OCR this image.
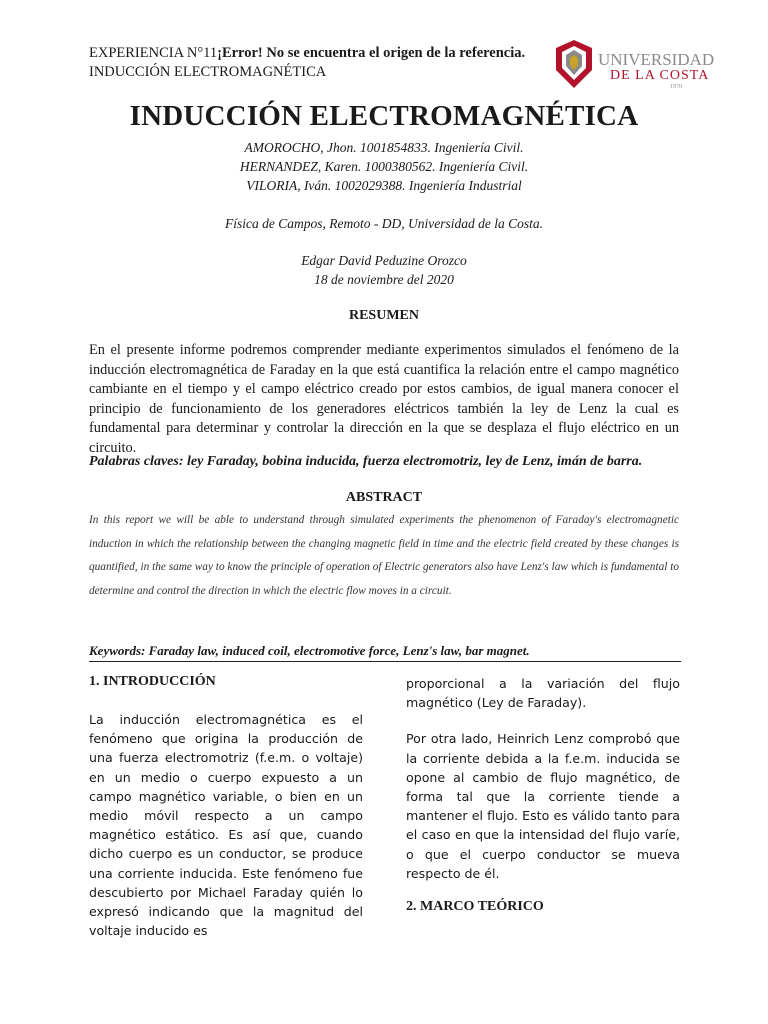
EXPERIENCIA N°11¡Error! No se encuentra el origen de la referencia.
INDUCCIÓN ELECTROMAGNÉTICA
UNIVERSIDAD
DE LA COSTA
1970
INDUCCIÓN ELECTROMAGNÉTICA
AMOROCHO, Jhon. 1001854833. Ingeniería Civil.
HERNANDEZ, Karen. 1000380562. Ingeniería Civil.
VILORIA, Iván. 1002029388. Ingeniería Industrial
Física de Campos, Remoto - DD, Universidad de la Costa.
Edgar David Peduzine Orozco
18 de noviembre del 2020
RESUMEN
En el presente informe podremos comprender mediante experimentos simulados el fenómeno de la inducción electromagnética de Faraday en la que está cuantifica la relación entre el campo magnético cambiante en el tiempo y el campo eléctrico creado por estos cambios, de igual manera conocer el principio de funcionamiento de los generadores eléctricos también la ley de Lenz la cual es fundamental para determinar y controlar la dirección en la que se desplaza el flujo eléctrico en un circuito.
Palabras claves: ley Faraday, bobina inducida, fuerza electromotriz, ley de Lenz, imán de barra.
ABSTRACT
In this report we will be able to understand through simulated experiments the phenomenon of Faraday's electromagnetic induction in which the relationship between the changing magnetic field in time and the electric field created by these changes is quantified, in the same way to know the principle of operation of Electric generators also have Lenz's law which is fundamental to determine and control the direction in which the electric flow moves in a circuit.
Keywords: Faraday law, induced coil, electromotive force, Lenz's law, bar magnet.
1. INTRODUCCIÓN

La inducción electromagnética es el fenómeno que origina la producción de una fuerza electromotriz (f.e.m. o voltaje) en un medio o cuerpo expuesto a un campo magnético variable, o bien en un medio móvil respecto a un campo magnético estático. Es así que, cuando dicho cuerpo es un conductor, se produce una corriente inducida. Este fenómeno fue descubierto por Michael Faraday quién lo expresó indicando que la magnitud del voltaje inducido es

proporcional a la variación del flujo magnético (Ley de Faraday).

Por otra lado, Heinrich Lenz comprobó que la corriente debida a la f.e.m. inducida se opone al cambio de flujo magnético, de forma tal que la corriente tiende a mantener el flujo. Esto es válido tanto para el caso en que la intensidad del flujo varíe, o que el cuerpo conductor se mueva respecto de él.

2. MARCO TEÓRICO
